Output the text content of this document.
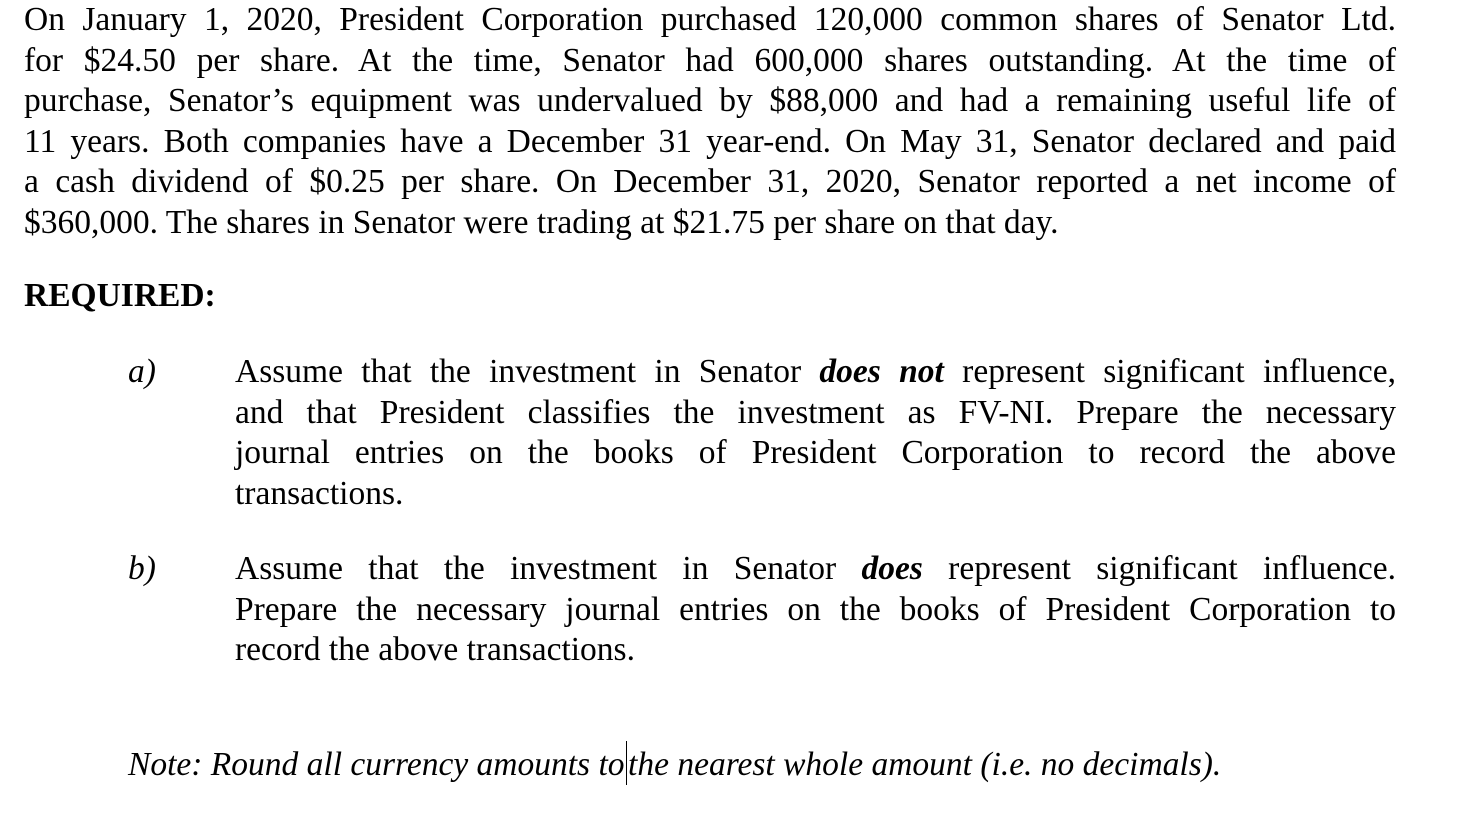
On January 1, 2020, President Corporation purchased 120,000 common shares of Senator Ltd.
for $24.50 per share. At the time, Senator had 600,000 shares outstanding. At the time of
purchase, Senator’s equipment was undervalued by $88,000 and had a remaining useful life of
11 years. Both companies have a December 31 year-end. On May 31, Senator declared and paid
a cash dividend of $0.25 per share. On December 31, 2020, Senator reported a net income of
$360,000. The shares in Senator were trading at $21.75 per share on that day.
REQUIRED:
a) Assume that the investment in Senator does not represent significant influence,
and that President classifies the investment as FV-NI. Prepare the necessary
journal entries on the books of President Corporation to record the above
transactions.
b) Assume that the investment in Senator does represent significant influence.
Prepare the necessary journal entries on the books of President Corporation to
record the above transactions.
Note: Round all currency amounts to the nearest whole amount (i.e. no decimals).
